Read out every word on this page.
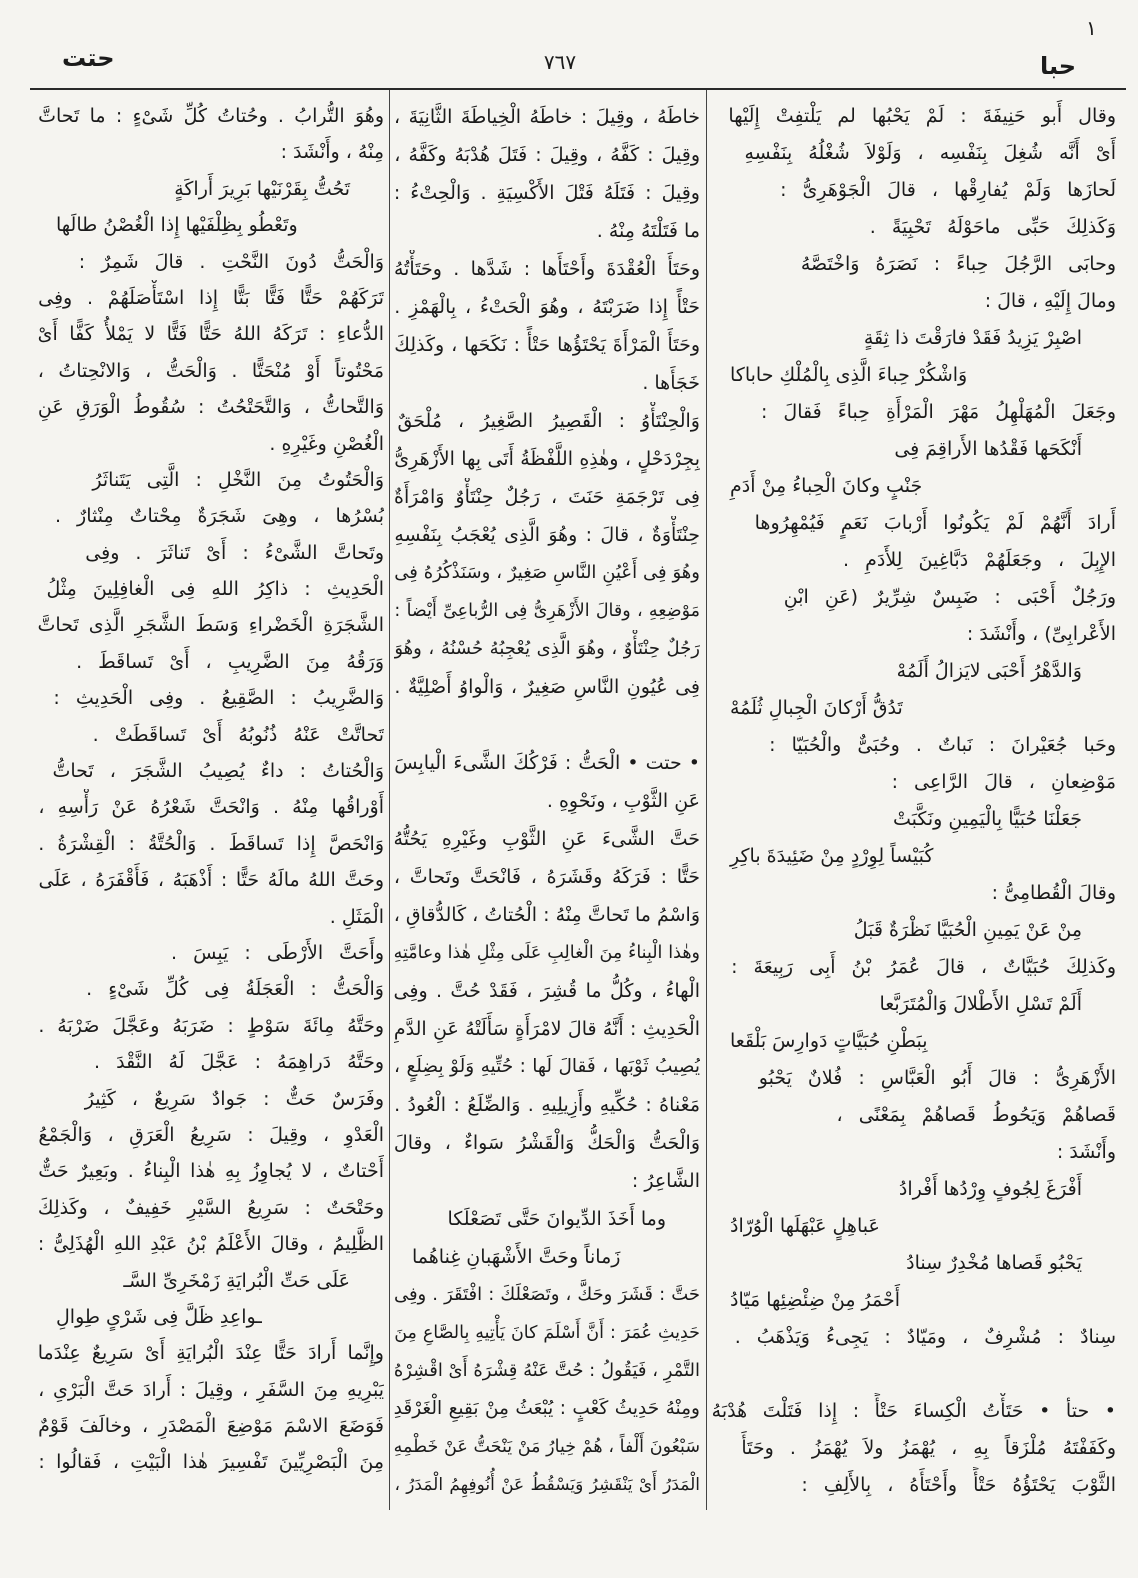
١
حتت	٧٦٧	حبا
وقال أَبو حَنِيفَةَ : لَمْ يَحْبُها لم يَلْتفِتْ إِلَيْها
أَىْ أَنَّه شُغِلَ بِنَفْسِه ، وَلَوْلاَ شُغْلُهُ بِنَفْسِهِ
لَحازَها وَلَمْ يُفارِقْها ، قالَ الْجَوْهَرِىُّ :
وَكَذلِكَ حَبِّى ماحَوْلَهُ تَحْبِيَةً .
وحابَى الرَّجُلَ حِباءً : نَصَرَهُ وَاخْتَصَّهُ
ومالَ إِلَيْهِ ، قالَ :
اصْبِرْ يَزِيدُ فَقَدْ فارَقْتَ ذا ثِقَةٍ
وَاشْكُرْ حِباءَ الَّذِى بِالْمُلْكِ حاباكا
وجَعَلَ الْمُهَلْهِلُ مَهْرَ الْمَرْأَةِ حِباءً فَقالَ :
أَنْكَحَها فَقْدُها الأَراقِمَ فِى
جَنْبٍ وكانَ الْحِباءُ مِنْ أَدَمِ
أَرادَ أَنَّهُمْ لَمْ يَكُونُوا أَرْبابَ نَعَمٍ فَيُمْهِرُوها
الإِبِلَ ، وجَعَلَهُمْ دَبَّاغِينَ لِلأَدَمِ .
ورَجُلٌ أَحْبَى : ضَبِسٌ شِرِّيرٌ (عَنِ ابْنِ
الأَعْرابِىِّ) ، وأَنْشَدَ :
وَالدَّهْرُ أَحْبَى لايَزالُ أَلَمُهْ
تَدُقُّ أَرْكانَ الْجِبالِ ثُلَمُهْ
وحَبا جُعَيْرانَ : نَباتٌ . وحُبَىٌّ والْحُبَيّا :
مَوْضِعانِ ، قالَ الرَّاعِى :
جَعَلْنَا حُبَيًّا بِالْيَمِينِ ونَكَّبَتْ
كُبَيْساً لِوِرْدٍ مِنْ ضَئِيدَةَ باكِرِ
وقالَ الْقُطامِىُّ :
مِنْ عَنْ يَمِينِ الْحُبَيَّا نَظْرَةٌ قَبَلُ
وكَذلِكَ حُبَيَّاتٌ ، قالَ عُمَرُ بْنُ أَبِى رَبِيعَةَ :
أَلَمْ تَسْلِ الأَطْلالَ وَالْمُتَرَبَّعا
بِبَطْنِ حُبَيَّاتٍ دَوارِسَ بَلْقَعا
الأَزْهَرِىُّ : قالَ أَبُو الْعَبَّاسِ : فُلانٌ يَحْبُو
قَصاهُمْ وَيَحُوطُ قَصاهُمْ بِمَعْنًى ،
وأَنْشَدَ :
أَفْرَغَ لِجُوفٍ وِرْدُها أَفْرادُ
عَباهِلٍ عَبْهَلَها الْوُرّادُ
يَحْبُو قَصاها مُخْدِرٌ سِنادُ
أَحْمَرُ مِنْ ضِئْضِئِها مَيّادُ
سِنادٌ : مُشْرِفٌ ، ومَيّادٌ : يَجِىءُ وَيَذْهَبُ .
• حتأ • حَتَأْتُ الْكِساءَ حَتْأً : إِذا فَتَلْتَ هُدْبَهُ
وكَفَفْتَهُ مُلْزَقاً بِهِ ، يُهْمَزُ ولاَ يُهْمَزُ . وحَتَأَ
الثَّوْبَ يَحْتَؤُهُ حَتْأً وأَحْتَأَهُ ، بِالأَلِفِ :
خاطَهُ ، وقِيلَ : خاطَهُ الْخِياطَةَ الثَّانِيَةَ ،
وقِيلَ : كَفَّهُ ، وقِيلَ : فَتَلَ هُدْبَهُ وكَفَّهُ ،
وقِيلَ : فَتَلَهُ فَتْلَ الأَكْسِيَةِ . وَالْحِتْءُ :
ما فَتَلْتَهُ مِنْهُ .
وحَتَأَ الْعُقْدَةَ وأَحْتَأَها : شَدَّها . وحَتَأْتُهُ
حَتْأً إِذا ضَرَبْتَهُ ، وهُوَ الْحَتْءُ ، بِالْهَمْزِ .
وحَتَأَ الْمَرْأَةَ يَحْتَؤُها حَتْأً : نَكَحَها ، وكَذلِكَ
خَجَأَها .
وَالْحِنْتَأْوُ : الْقَصِيرُ الصَّغِيرُ ، مُلْحَقٌ
بِجِرْدَحْلٍ ، وهٰذِهِ اللَّفْظَةُ أَتَى بِها الأَزْهَرِىُّ
فِى تَرْجَمَةِ حَنَتَ ، رَجُلٌ حِنْتَأْوٌ وَامْرَأَةٌ
حِنْتَأْوَةٌ ، قالَ : وهُوَ الَّذِى يُعْجَبُ بِنَفْسِهِ
وهُوَ فِى أَعْيُنِ النَّاسِ صَغِيرٌ ، وسَنَذْكُرُهُ فِى
مَوْضِعِهِ ، وقالَ الأَزْهَرِىُّ فِى الرُّباعِىِّ أَيْضاً :
رَجُلٌ حِنْتَأْوٌ ، وهُوَ الَّذِى يُعْجِبُهُ حُسْنُهُ ، وهُوَ
فِى عُيُونِ النَّاسِ صَغِيرٌ ، وَالْواوُ أَصْلِيَّةٌ .
• حتت • الْحَتُّ : فَرْكُكَ الشَّىءَ الْيابِسَ
عَنِ الثَّوْبِ ، ونَحْوِهِ .
حَتَّ الشَّىءَ عَنِ الثَّوْبِ وغَيْرِهِ يَحُتُّهُ
حَتًّا : فَرَكَهُ وقَشَرَهُ ، فَانْحَتَّ وتَحاتَّ ،
وَاسْمُ ما تَحاتَّ مِنْهُ : الْحُتاتُ ، كَالدُّقاقِ ،
وهٰذا الْبِناءُ مِنَ الْغالِبِ عَلَى مِثْلِ هٰذا وعامَّتِهِ
الْهاءُ ، وكُلُّ ما قُشِرَ ، فَقَدْ حُتَّ . وفِى
الْحَدِيثِ : أَنَّهُ قالَ لامْرَأَةٍ سَأَلَتْهُ عَنِ الدَّمِ
يُصِيبُ ثَوْبَها ، فَقالَ لَها : حُتِّيهِ وَلَوْ بِضِلَعٍ ،
مَعْناهُ : حُكِّيهِ وأَزِيلِيهِ . وَالضِّلَعُ : الْعُودُ .
وَالْحَتُّ وَالْحَكُّ وَالْقَشْرُ سَواءٌ ، وقالَ
الشَّاعِرُ :
وما أَخَذَ الدِّيوانَ حَتَّى تَصَعْلَكا
زَماناً وحَتَّ الأَشْهَبانِ غِناهُما
حَتَّ : قَشَرَ وحَكَّ ، وتَصَعْلَكَ : افْتَقَرَ . وفِى
حَدِيثِ عُمَرَ : أَنَّ أَسْلَمَ كانَ يَأْتِيهِ بِالصَّاعِ مِنَ
التَّمْرِ ، فَيَقُولُ : حُتَّ عَنْهُ قِشْرَهُ أَىْ اقْشِرْهُ
ومِنْهُ حَدِيثُ كَعْبٍ : يُبْعَثُ مِنْ بَقِيعِ الْغَرْقَدِ
سَبْعُونَ أَلْفاً ، هُمْ خِيارُ مَنْ يَنْحَتُّ عَنْ خَطْمِهِ
الْمَدَرُ أَىْ يَنْقَشِرُ وَيَسْقُطُ عَنْ أُنُوفِهِمُ الْمَدَرُ ،
وهُوَ التُّرابُ . وحُتاتُ كُلِّ شَىْءٍ : ما تَحاتَّ
مِنْهُ ، وأَنْشَدَ :
تَحُتُّ بِقَرْنَيْها بَرِيرَ أَراكَةٍ
وتَعْطُو بِظِلْفَيْها إِذا الْغُصْنُ طالَها
وَالْحَتُّ دُونَ النَّحْتِ . قالَ شَمِرٌ :
تَرَكَهُمْ حَتًّا فَتًّا بَتًّا إِذا اسْتَأْصَلَهُمْ . وفِى
الدُّعاءِ : تَرَكَهُ اللهُ حَتًّا فَتًّا لا يَمْلأُ كَفًّا أَىْ
مَحْتُوتاً أَوْ مُنْحَتًّا . وَالْحَتُّ ، وَالانْحِتاتُ ،
وَالتَّحاتُّ ، وَالتَّحَتْحُتُ : سُقُوطُ الْوَرَقِ عَنِ
الْغُصْنِ وغَيْرِهِ .
وَالْحَتُوتُ مِنَ النَّخْلِ : الَّتِى يَتَناثَرُ
بُسْرُها ، وهِىَ شَجَرَةٌ مِحْتاتٌ مِنْثارٌ .
وتَحاتَّ الشَّىْءُ : أَىْ تَناثَرَ . وفِى
الْحَدِيثِ : ذاكِرُ اللهِ فِى الْغافِلِينَ مِثْلُ
الشَّجَرَةِ الْخَضْراءِ وَسَطَ الشَّجَرِ الَّذِى تَحاتَّ
وَرَقُهُ مِنَ الضَّرِيبِ ، أَىْ تَساقَطَ .
وَالضَّرِيبُ : الصَّقِيعُ . وفِى الْحَدِيثِ :
تَحاتَّتْ عَنْهُ ذُنُوبُهُ أَىْ تَساقَطَتْ .
وَالْحُتاتُ : داءٌ يُصِيبُ الشَّجَرَ ، تَحاتُّ
أَوْراقُها مِنْهُ . وَانْحَتَّ شَعْرُهُ عَنْ رَأْسِهِ ،
وَانْحَصَّ إِذا تَساقَطَ . وَالْحُتَّةُ : الْقِشْرَةُ .
وحَتَّ اللهُ مالَهُ حَتًّا : أَذْهَبَهُ ، فَأَقْفَرَهُ ، عَلَى
الْمَثَلِ .
وأَحَتَّ الأَرْطَى : يَبِسَ .
وَالْحَتُّ : الْعَجَلَةُ فِى كُلِّ شَىْءٍ .
وحَتَّهُ مِائَةَ سَوْطٍ : ضَرَبَهُ وعَجَّلَ ضَرْبَهُ .
وحَتَّهُ دَراهِمَهُ : عَجَّلَ لَهُ النَّقْدَ .
وفَرَسٌ حَتٌّ : جَوادٌ سَرِيعٌ ، كَثِيرُ
الْعَدْوِ ، وقِيلَ : سَرِيعُ الْعَرَقِ ، وَالْجَمْعُ
أَحْتاتٌ ، لا يُجاوِزُ بِهِ هٰذا الْبِناءُ . وبَعِيرٌ حَتٌّ
وحَتْحَتٌ : سَرِيعُ السَّيْرِ خَفِيفٌ ، وكَذلِكَ
الظَّلِيمُ ، وقالَ الأَعْلَمُ بْنُ عَبْدِ اللهِ الْهُذَلِىُّ :
عَلَى حَتِّ الْبُرايَةِ زَمْخَرِىِّ السَّـ
ـواعِدِ ظَلَّ فِى شَرْىٍ طِوالِ
وإِنَّما أَرادَ حَتًّا عِنْدَ الْبُرايَةِ أَىْ سَرِيعٌ عِنْدَما
يَبْرِيهِ مِنَ السَّفَرِ ، وقِيلَ : أَرادَ حَتَّ الْبَرْىِ ،
فَوَضَعَ الاسْمَ مَوْضِعَ الْمَصْدَرِ ، وخالَفَ قَوْمٌ
مِنَ الْبَصْرِيِّينَ تَفْسِيرَ هٰذا الْبَيْتِ ، فَقالُوا :
